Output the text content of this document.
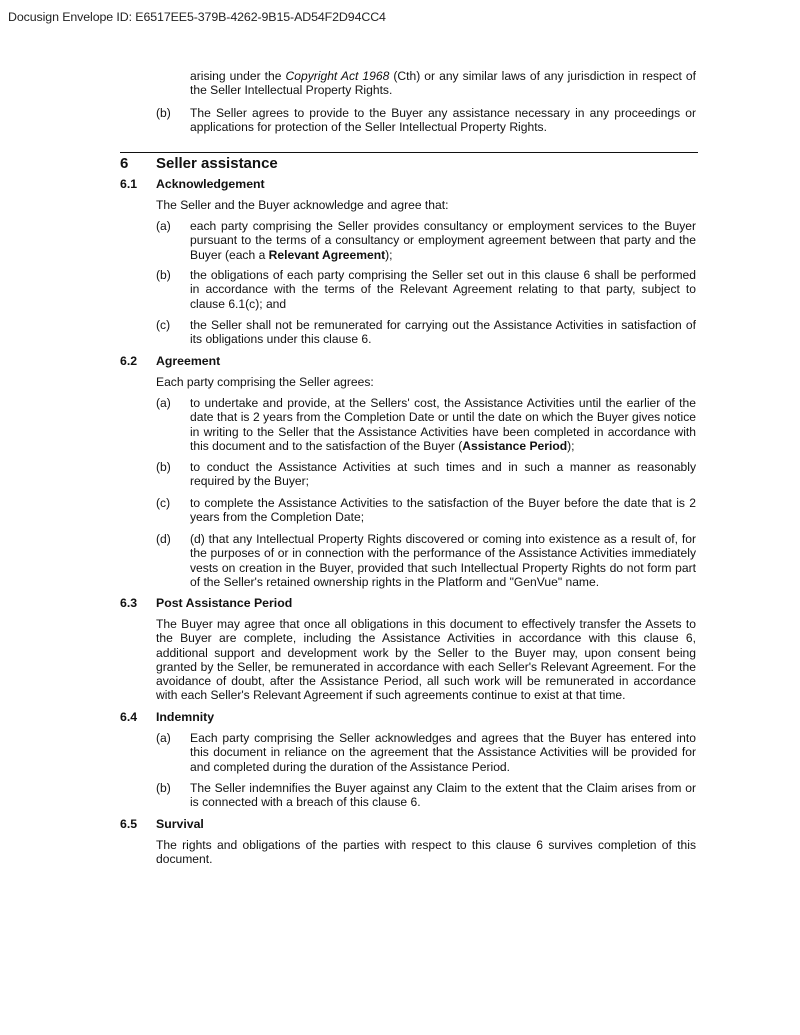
Docusign Envelope ID: E6517EE5-379B-4262-9B15-AD54F2D94CC4

arising under the Copyright Act 1968 (Cth) or any similar laws of any jurisdiction in respect of the Seller Intellectual Property Rights.

(b)	The Seller agrees to provide to the Buyer any assistance necessary in any proceedings or applications for protection of the Seller Intellectual Property Rights.

6 Seller assistance
6.1 Acknowledgement

The Seller and the Buyer acknowledge and agree that:

(a)	each party comprising the Seller provides consultancy or employment services to the Buyer pursuant to the terms of a consultancy or employment agreement between that party and the Buyer (each a Relevant Agreement);

(b)	the obligations of each party comprising the Seller set out in this clause 6 shall be performed in accordance with the terms of the Relevant Agreement relating to that party, subject to clause 6.1(c); and

(c)	the Seller shall not be remunerated for carrying out the Assistance Activities in satisfaction of its obligations under this clause 6.

6.2 Agreement

Each party comprising the Seller agrees:

(a)	to undertake and provide, at the Sellers' cost, the Assistance Activities until the earlier of the date that is 2 years from the Completion Date or until the date on which the Buyer gives notice in writing to the Seller that the Assistance Activities have been completed in accordance with this document and to the satisfaction of the Buyer (Assistance Period);

(b)	to conduct the Assistance Activities at such times and in such a manner as reasonably required by the Buyer;

(c)	to complete the Assistance Activities to the satisfaction of the Buyer before the date that is 2 years from the Completion Date;

(d)	(d) that any Intellectual Property Rights discovered or coming into existence as a result of, for the purposes of or in connection with the performance of the Assistance Activities immediately vests on creation in the Buyer, provided that such Intellectual Property Rights do not form part of the Seller's retained ownership rights in the Platform and "GenVue" name.

6.3 Post Assistance Period

The Buyer may agree that once all obligations in this document to effectively transfer the Assets to the Buyer are complete, including the Assistance Activities in accordance with this clause 6, additional support and development work by the Seller to the Buyer may, upon consent being granted by the Seller, be remunerated in accordance with each Seller's Relevant Agreement. For the avoidance of doubt, after the Assistance Period, all such work will be remunerated in accordance with each Seller's Relevant Agreement if such agreements continue to exist at that time.

6.4 Indemnity
(a)	Each party comprising the Seller acknowledges and agrees that the Buyer has entered into this document in reliance on the agreement that the Assistance Activities will be provided for and completed during the duration of the Assistance Period.

(b)	The Seller indemnifies the Buyer against any Claim to the extent that the Claim arises from or is connected with a breach of this clause 6.

6.5 Survival

The rights and obligations of the parties with respect to this clause 6 survives completion of this document.
